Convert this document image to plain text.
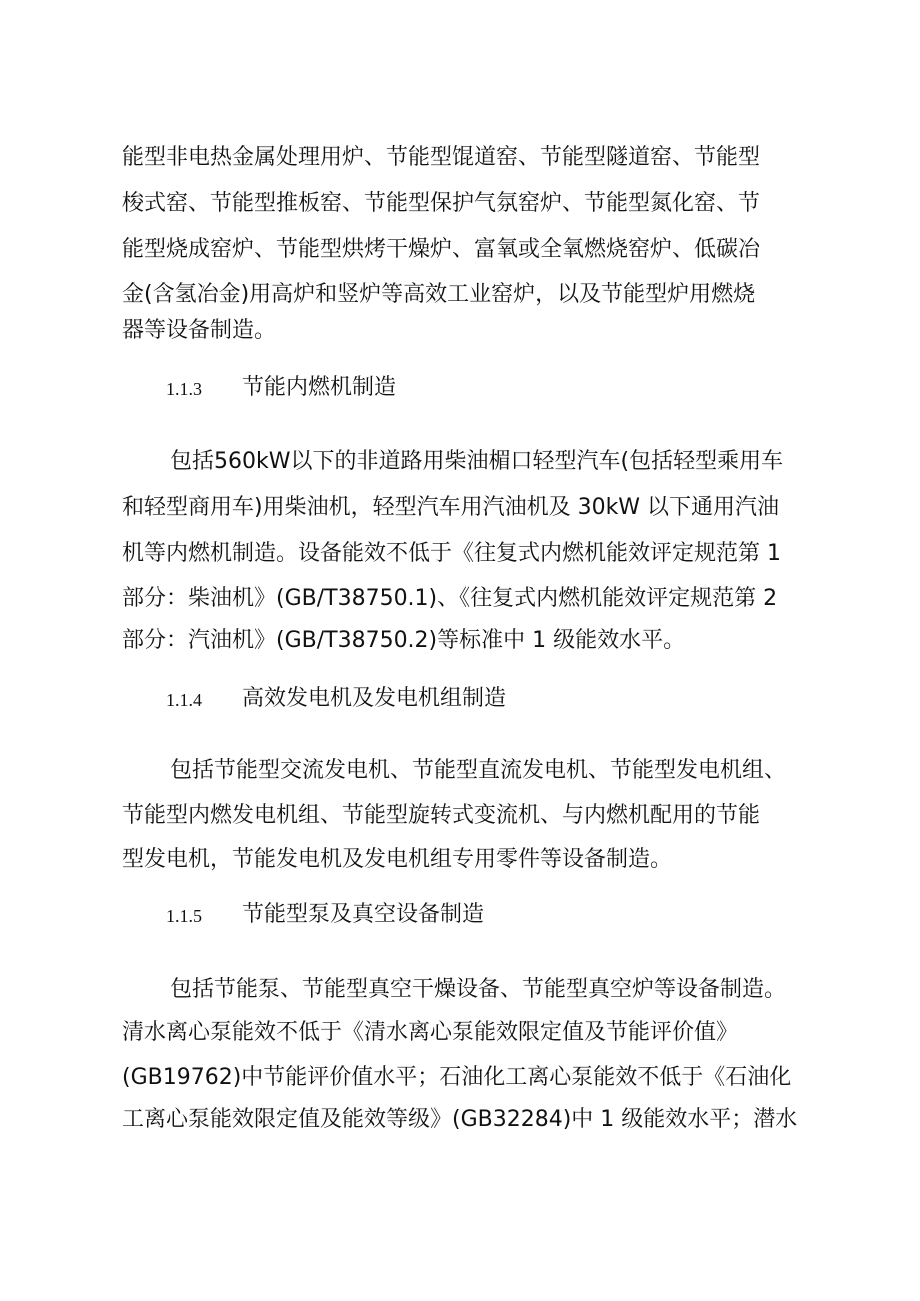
能型非电热金属处理用炉、节能型馄道窑、节能型隧道窑、节能型
梭式窑、节能型推板窑、节能型保护气氛窑炉、节能型氮化窑、节
能型烧成窑炉、节能型烘烤干燥炉、富氧或全氧燃烧窑炉、低碳冶
金(含氢冶金)用高炉和竖炉等高效工业窑炉，以及节能型炉用燃烧
器等设备制造。
1.1.3 节能内燃机制造
包括560kW以下的非道路用柴油楣口轻型汽车(包括轻型乘用车
和轻型商用车)用柴油机，轻型汽车用汽油机及 30kW 以下通用汽油
机等内燃机制造。设备能效不低于《往复式内燃机能效评定规范第 1
部分：柴油机》(GB/T38750.1)、《往复式内燃机能效评定规范第 2
部分：汽油机》(GB/T38750.2)等标准中 1 级能效水平。
1.1.4 高效发电机及发电机组制造
包括节能型交流发电机、节能型直流发电机、节能型发电机组、
节能型内燃发电机组、节能型旋转式变流机、与内燃机配用的节能
型发电机，节能发电机及发电机组专用零件等设备制造。
1.1.5 节能型泵及真空设备制造
包括节能泵、节能型真空干燥设备、节能型真空炉等设备制造。
清水离心泵能效不低于《清水离心泵能效限定值及节能评价值》
(GB19762)中节能评价值水平；石油化工离心泵能效不低于《石油化
工离心泵能效限定值及能效等级》(GB32284)中 1 级能效水平；潜水
